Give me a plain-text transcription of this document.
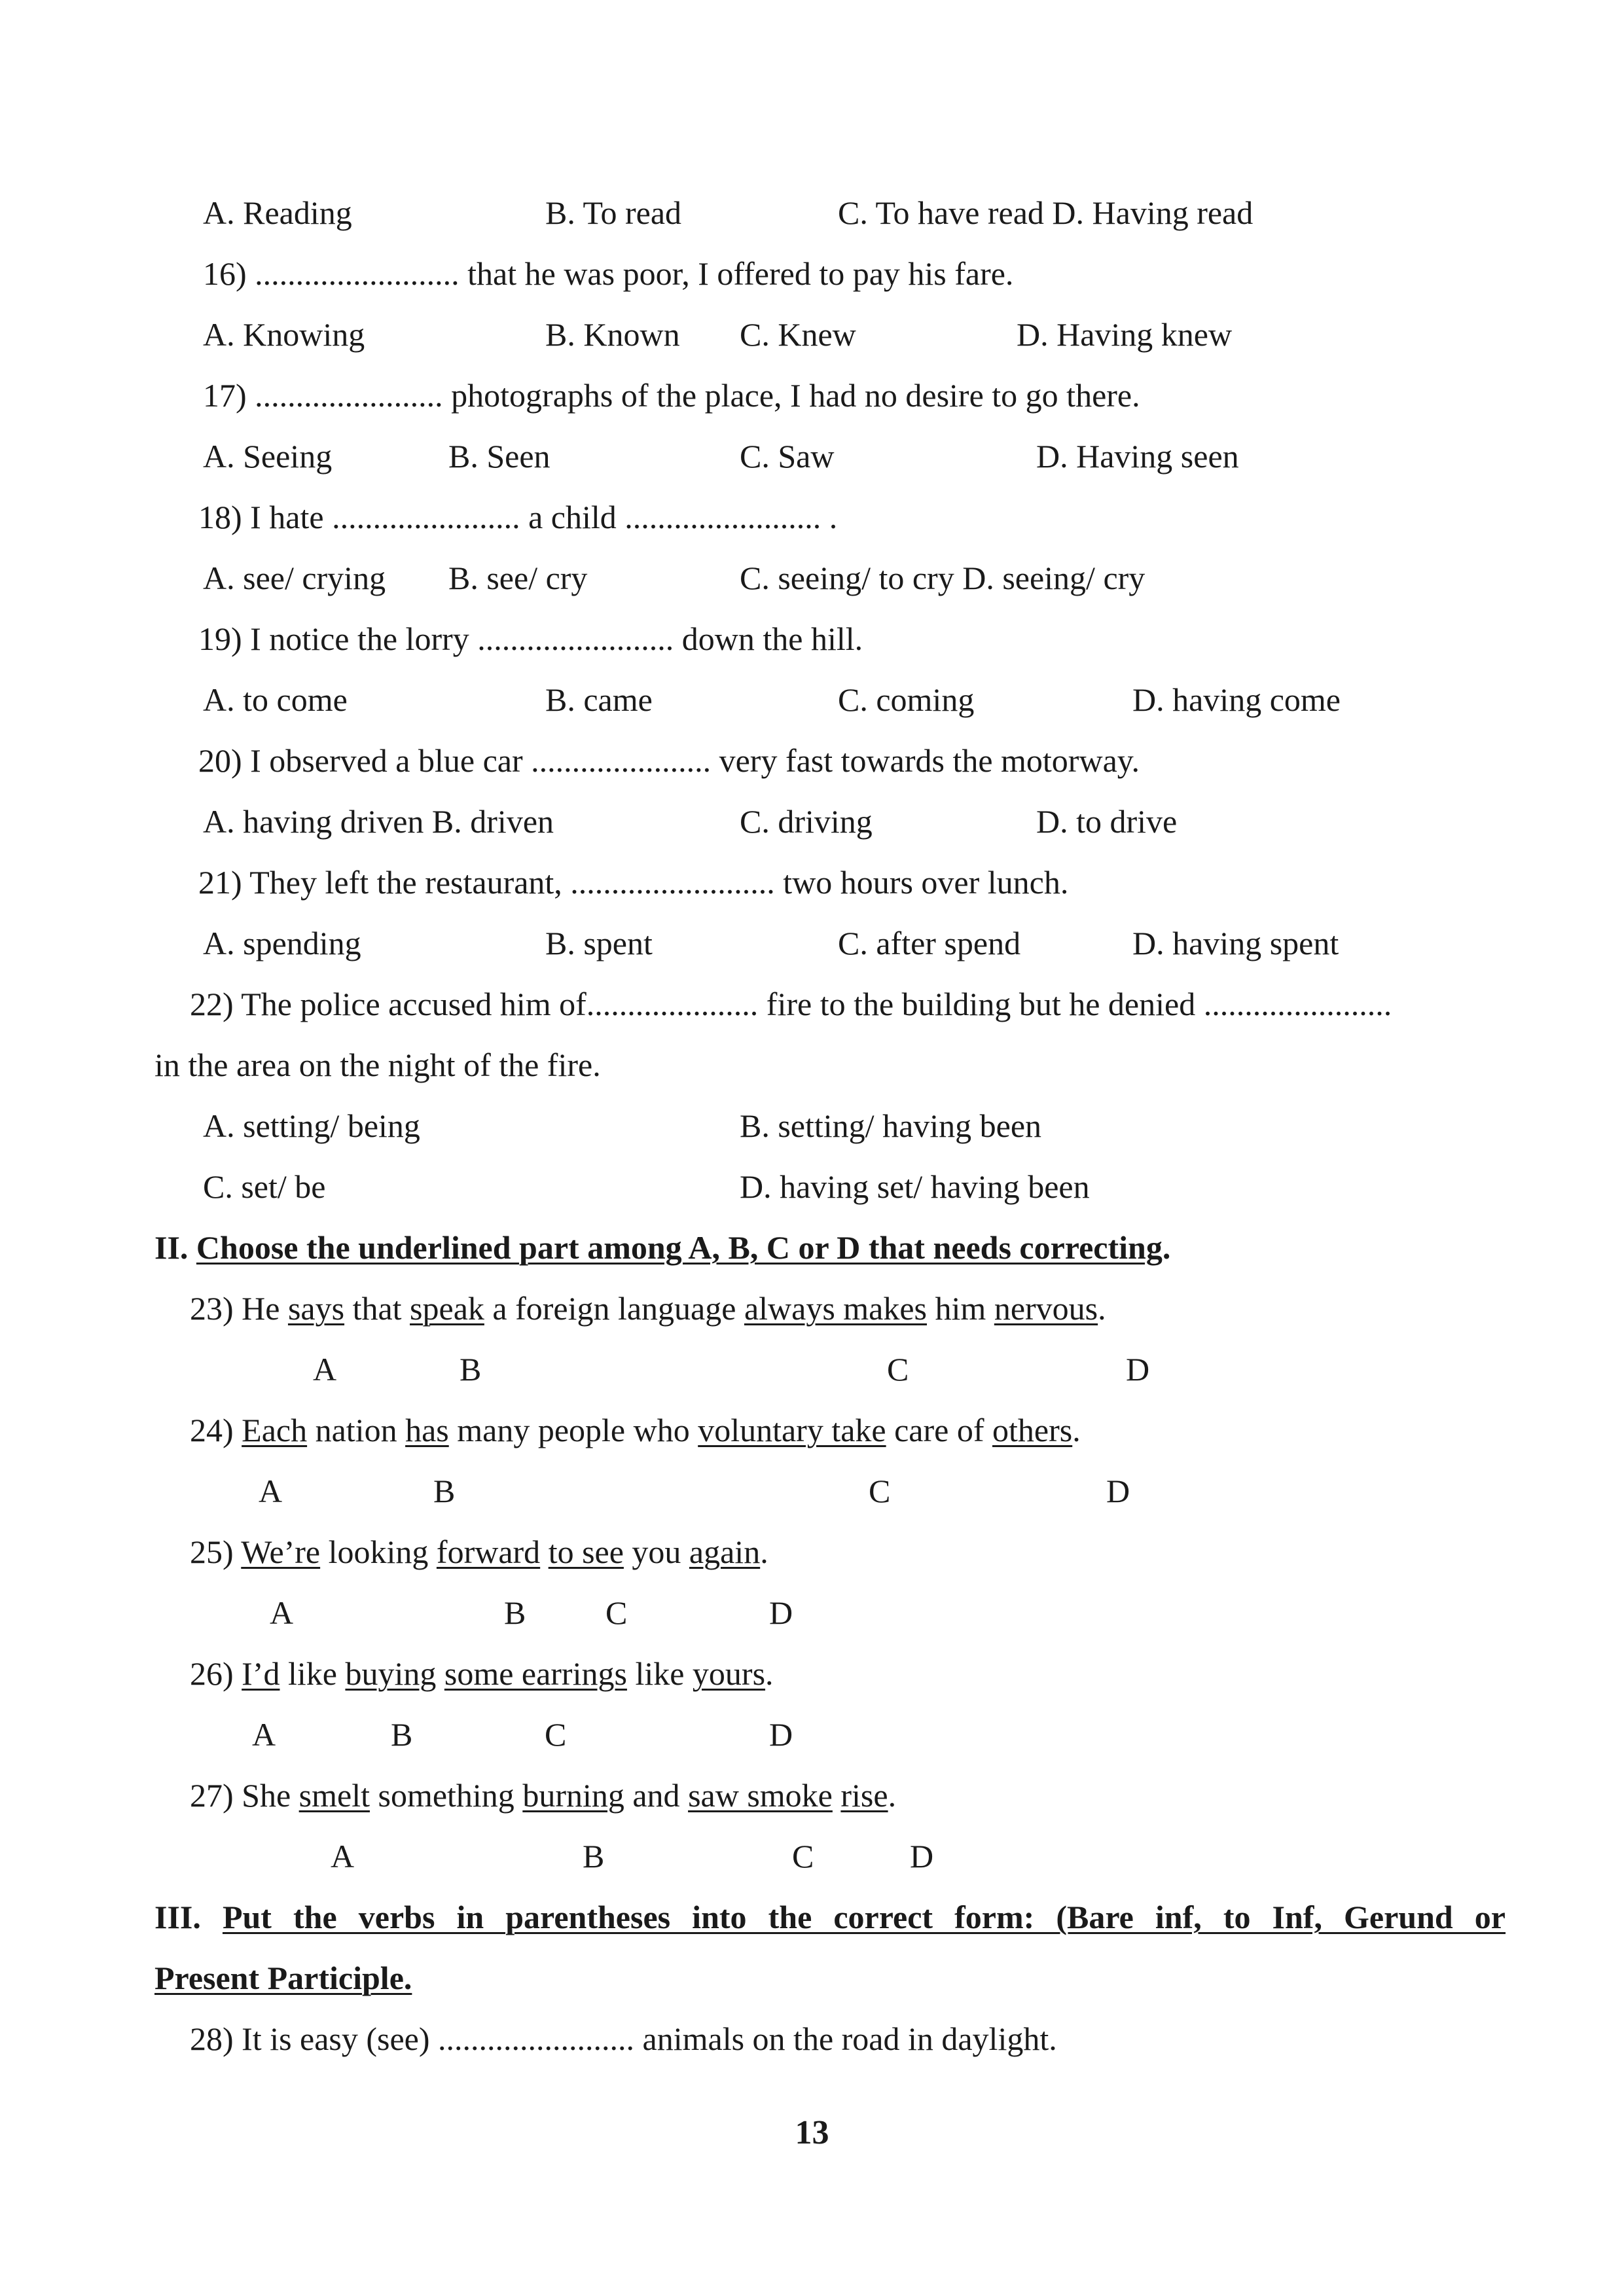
A. Reading	B. To read	C. To have read D. Having read
16) ......................... that he was poor, I offered to pay his fare.
A. Knowing	B. Known C. Knew	D. Having knew
17) ....................... photographs of the place, I had no desire to go there.
A. Seeing	B. Seen	C. Saw	D. Having seen
18) I hate ....................... a child ........................ .
A. see/ crying B. see/ cry	C. seeing/ to cry D. seeing/ cry
19) I notice the lorry ........................ down the hill.
A. to come	B. came	C. coming	D. having come
20) I observed a blue car ...................... very fast towards the motorway.
A. having driven B. driven	C. driving	D. to drive
21) They left the restaurant, ......................... two hours over lunch.
A. spending	B. spent	C. after spend	D. having spent
22) The police accused him of..................... fire to the building but he denied .......................
in the area on the night of the fire.
A. setting/ being	B. setting/ having been
C. set/ be	D. having set/ having been
II. Choose the underlined part among A, B, C or D that needs correcting.
23) He says that speak a foreign language always makes him nervous.
A	B	C	D
24) Each nation has many people who voluntary take care of others.
A	B	C	D
25) We’re looking forward to see you again.
A	B C	D
26) I’d like buying some earrings like yours.
A	B	C	D
27) She smelt something burning and saw smoke rise.
A	B	C	D
III. Put the verbs in parentheses into the correct form: (Bare inf, to Inf, Gerund or
Present Participle.
28) It is easy (see) ........................ animals on the road in daylight.
13
